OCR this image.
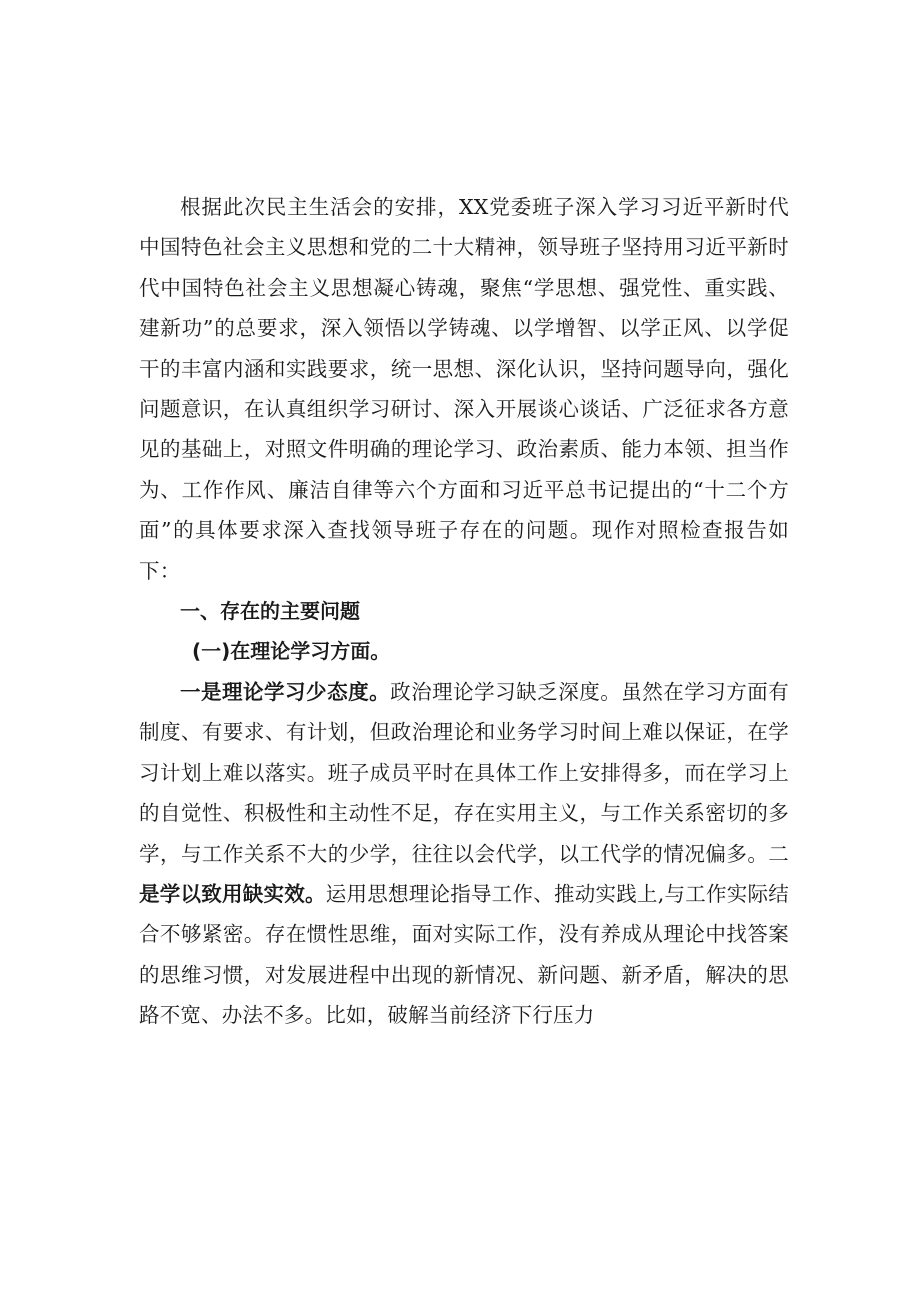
根据此次民主生活会的安排，XX党委班子深入学习习近平新时代中国特色社会主义思想和党的二十大精神，领导班子坚持用习近平新时代中国特色社会主义思想凝心铸魂，聚焦“学思想、强党性、重实践、建新功”的总要求，深入领悟以学铸魂、以学增智、以学正风、以学促干的丰富内涵和实践要求，统一思想、深化认识，坚持问题导向，强化问题意识，在认真组织学习研讨、深入开展谈心谈话、广泛征求各方意见的基础上，对照文件明确的理论学习、政治素质、能力本领、担当作为、工作作风、廉洁自律等六个方面和习近平总书记提出的“十二个方面”的具体要求深入查找领导班子存在的问题。现作对照检查报告如下：

一、存在的主要问题

(一)在理论学习方面。

一是理论学习少态度。政治理论学习缺乏深度。虽然在学习方面有制度、有要求、有计划，但政治理论和业务学习时间上难以保证，在学习计划上难以落实。班子成员平时在具体工作上安排得多，而在学习上的自觉性、积极性和主动性不足，存在实用主义，与工作关系密切的多学，与工作关系不大的少学，往往以会代学，以工代学的情况偏多。二是学以致用缺实效。运用思想理论指导工作、推动实践上,与工作实际结合不够紧密。存在惯性思维，面对实际工作，没有养成从理论中找答案的思维习惯，对发展进程中出现的新情况、新问题、新矛盾，解决的思路不宽、办法不多。比如，破解当前经济下行压力
